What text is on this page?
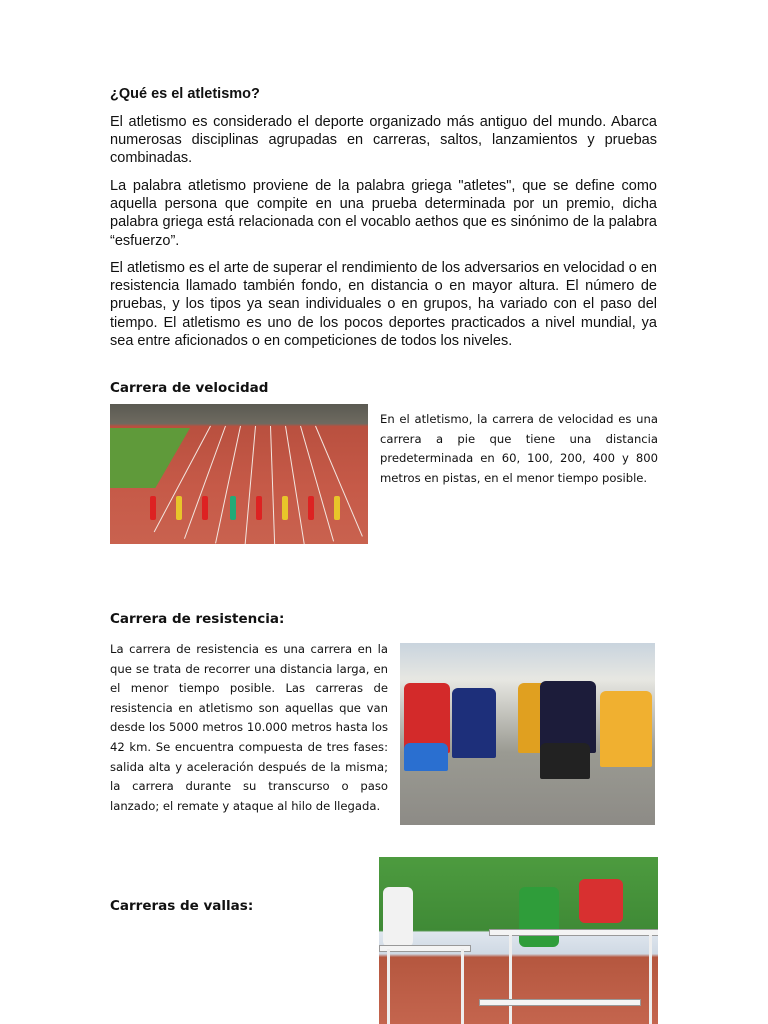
¿Qué es el atletismo?

El atletismo es considerado el deporte organizado más antiguo del mundo. Abarca numerosas disciplinas agrupadas en carreras, saltos, lanzamientos y pruebas combinadas.

La palabra atletismo proviene de la palabra griega "atletes", que se define como aquella persona que compite en una prueba determinada por un premio, dicha palabra griega está relacionada con el vocablo aethos que es sinónimo de la palabra “esfuerzo”.

El atletismo es el arte de superar el rendimiento de los adversarios en velocidad o en resistencia llamado también fondo, en distancia o en mayor altura. El número de pruebas, y los tipos ya sean individuales o en grupos, ha variado con el paso del tiempo. El atletismo es uno de los pocos deportes practicados a nivel mundial, ya sea entre aficionados o en competiciones de todos los niveles.

Carrera de velocidad

En el atletismo, la carrera de velocidad es una carrera a pie que tiene una distancia predeterminada en 60, 100, 200, 400 y 800 metros en pistas, en el menor tiempo posible.

Carrera de resistencia:

La carrera de resistencia es una carrera en la que se trata de recorrer una distancia larga, en el menor tiempo posible. Las carreras de resistencia en atletismo son aquellas que van desde los 5000 metros 10.000 metros hasta los 42 km. Se encuentra compuesta de tres fases: salida alta y aceleración después de la misma; la carrera durante su transcurso o paso lanzado; el remate y ataque al hilo de llegada.

Carreras de vallas:
